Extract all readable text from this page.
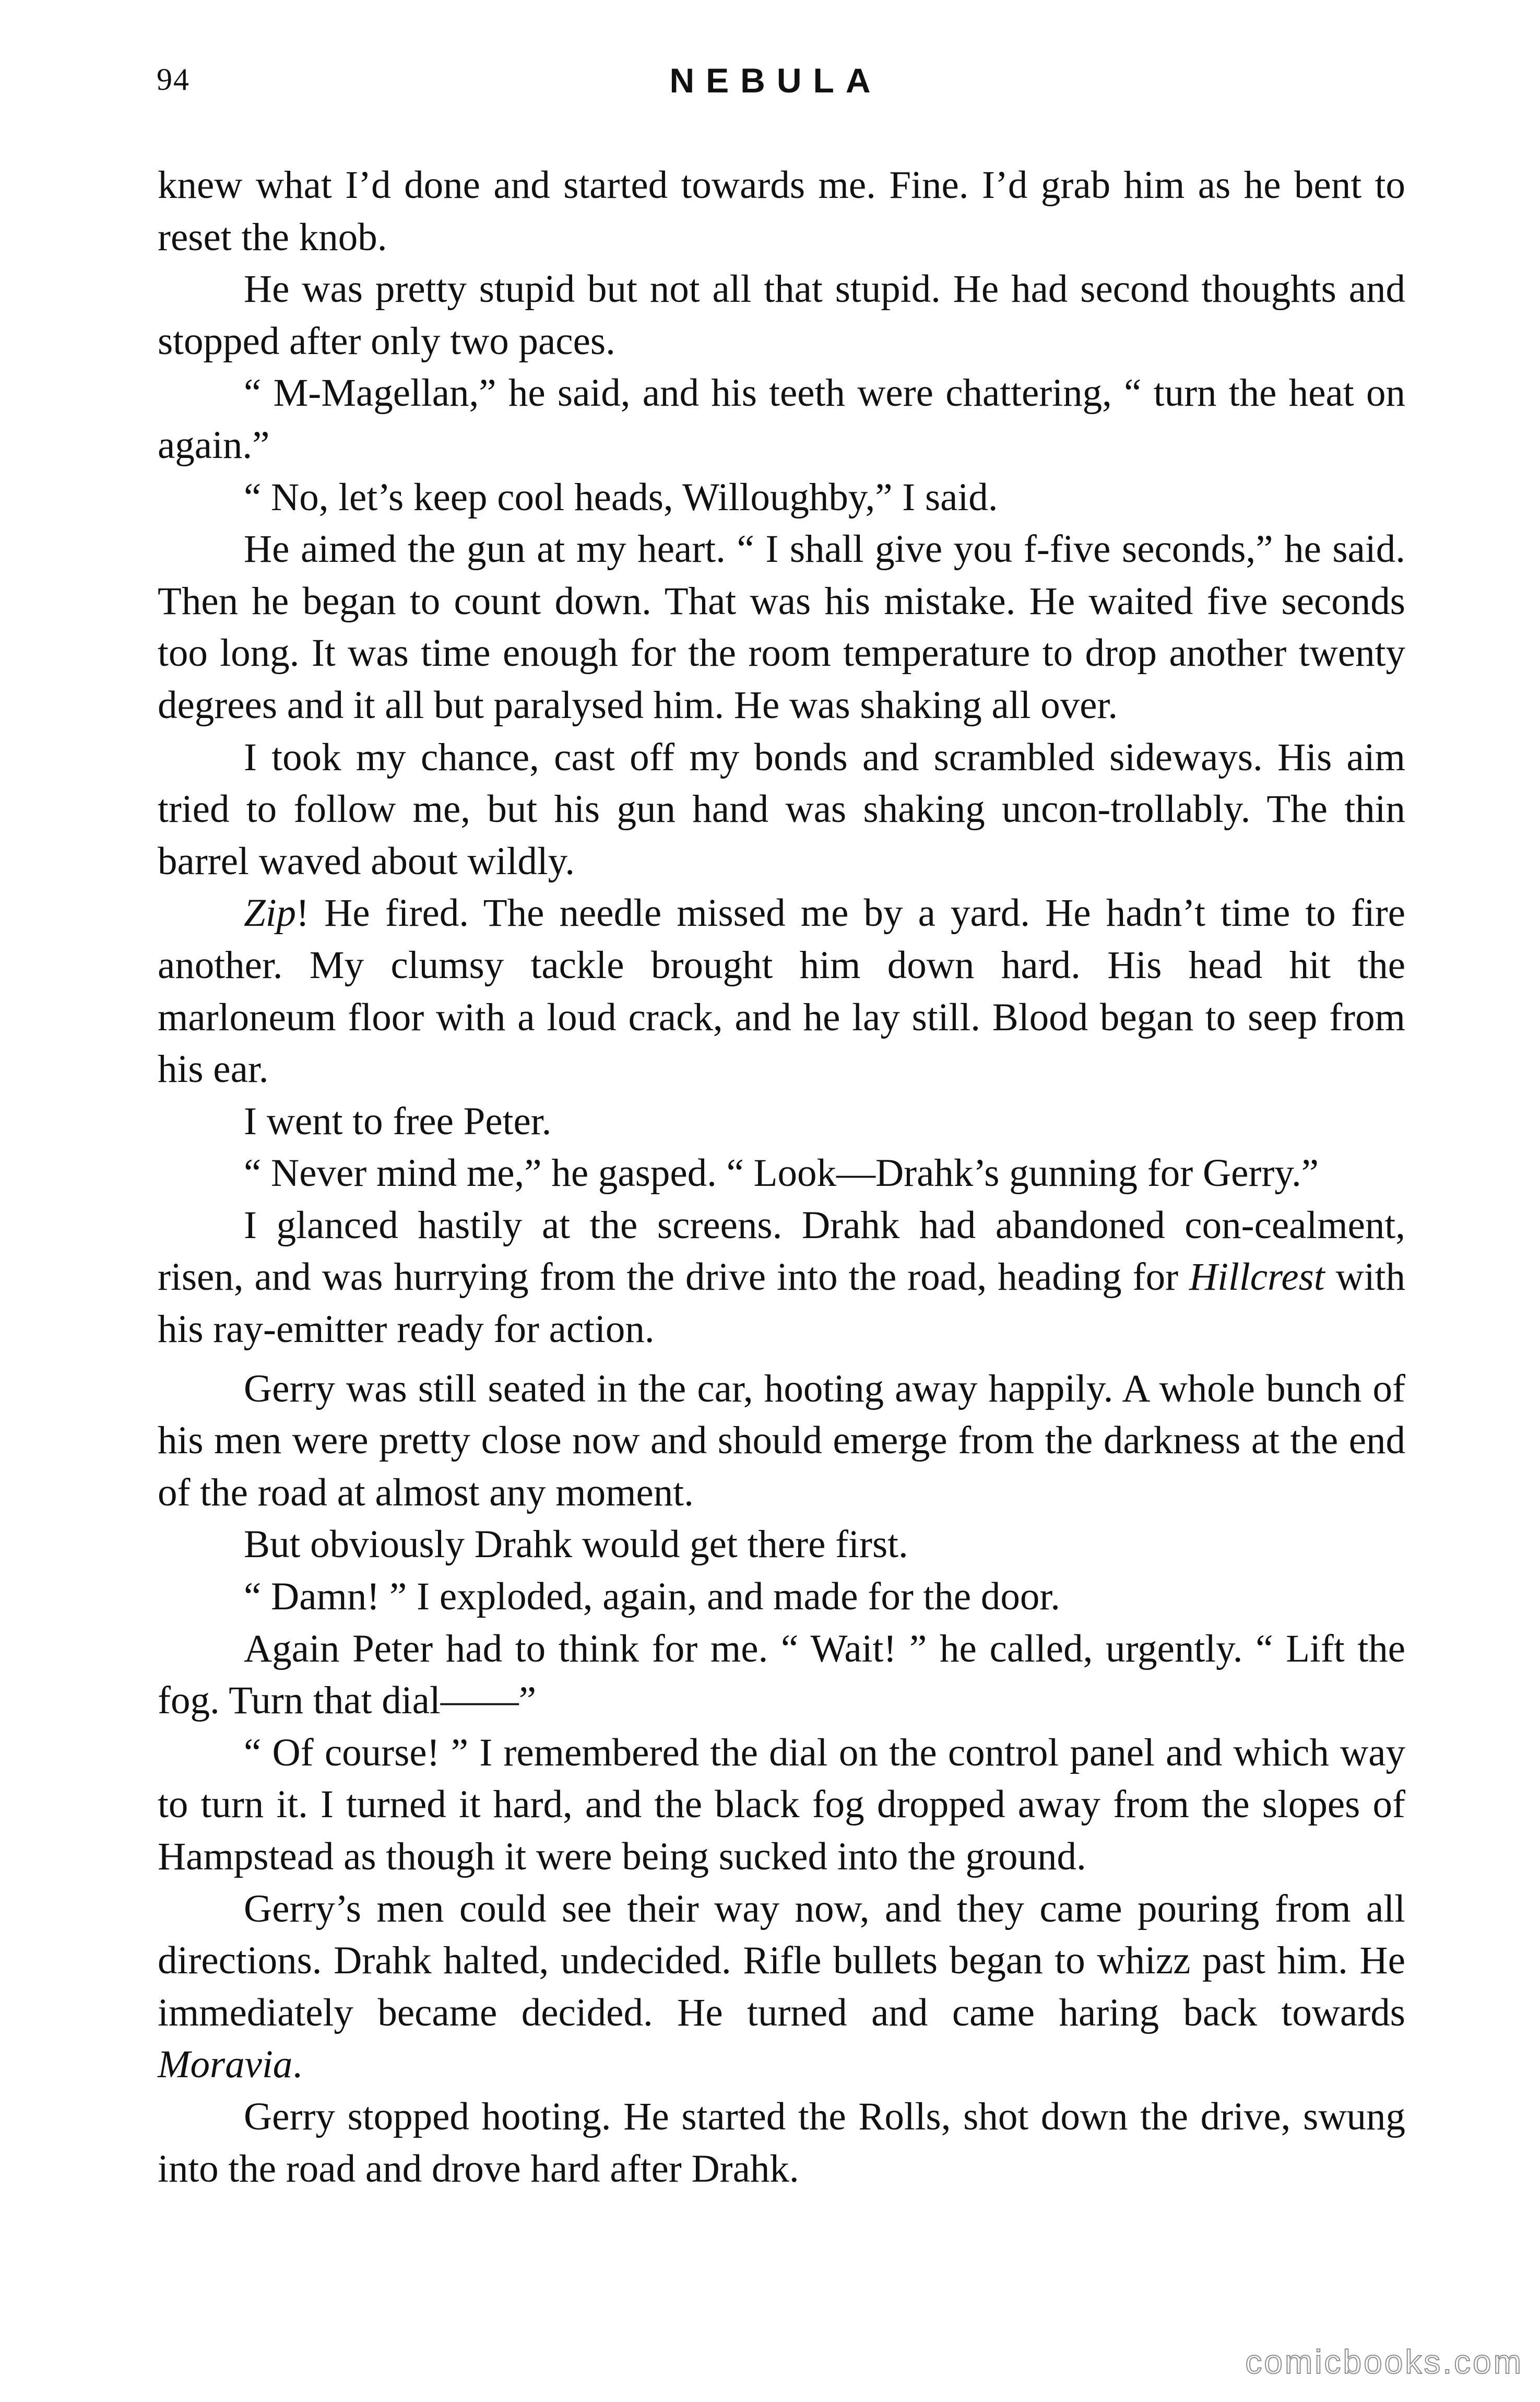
94	NEBULA

knew what I’d done and started towards me. Fine. I’d grab him as he bent to reset the knob.

He was pretty stupid but not all that stupid. He had second thoughts and stopped after only two paces.

“ M-Magellan,” he said, and his teeth were chattering, “ turn the heat on again.”

“ No, let’s keep cool heads, Willoughby,” I said.

He aimed the gun at my heart. “ I shall give you f-five seconds,” he said. Then he began to count down. That was his mistake. He waited five seconds too long. It was time enough for the room temperature to drop another twenty degrees and it all but paralysed him. He was shaking all over.

I took my chance, cast off my bonds and scrambled sideways. His aim tried to follow me, but his gun hand was shaking uncon-trollably. The thin barrel waved about wildly.

Zip! He fired. The needle missed me by a yard. He hadn’t time to fire another. My clumsy tackle brought him down hard. His head hit the marloneum floor with a loud crack, and he lay still. Blood began to seep from his ear.

I went to free Peter.

“ Never mind me,” he gasped. “ Look—Drahk’s gunning for Gerry.”

I glanced hastily at the screens. Drahk had abandoned con-cealment, risen, and was hurrying from the drive into the road, heading for Hillcrest with his ray-emitter ready for action.

Gerry was still seated in the car, hooting away happily. A whole bunch of his men were pretty close now and should emerge from the darkness at the end of the road at almost any moment.

But obviously Drahk would get there first.

“ Damn! ” I exploded, again, and made for the door.

Again Peter had to think for me. “ Wait! ” he called, urgently. “ Lift the fog. Turn that dial——”

“ Of course! ” I remembered the dial on the control panel and which way to turn it. I turned it hard, and the black fog dropped away from the slopes of Hampstead as though it were being sucked into the ground.

Gerry’s men could see their way now, and they came pouring from all directions. Drahk halted, undecided. Rifle bullets began to whizz past him. He immediately became decided. He turned and came haring back towards Moravia.

Gerry stopped hooting. He started the Rolls, shot down the drive, swung into the road and drove hard after Drahk.

comicbooks.com
